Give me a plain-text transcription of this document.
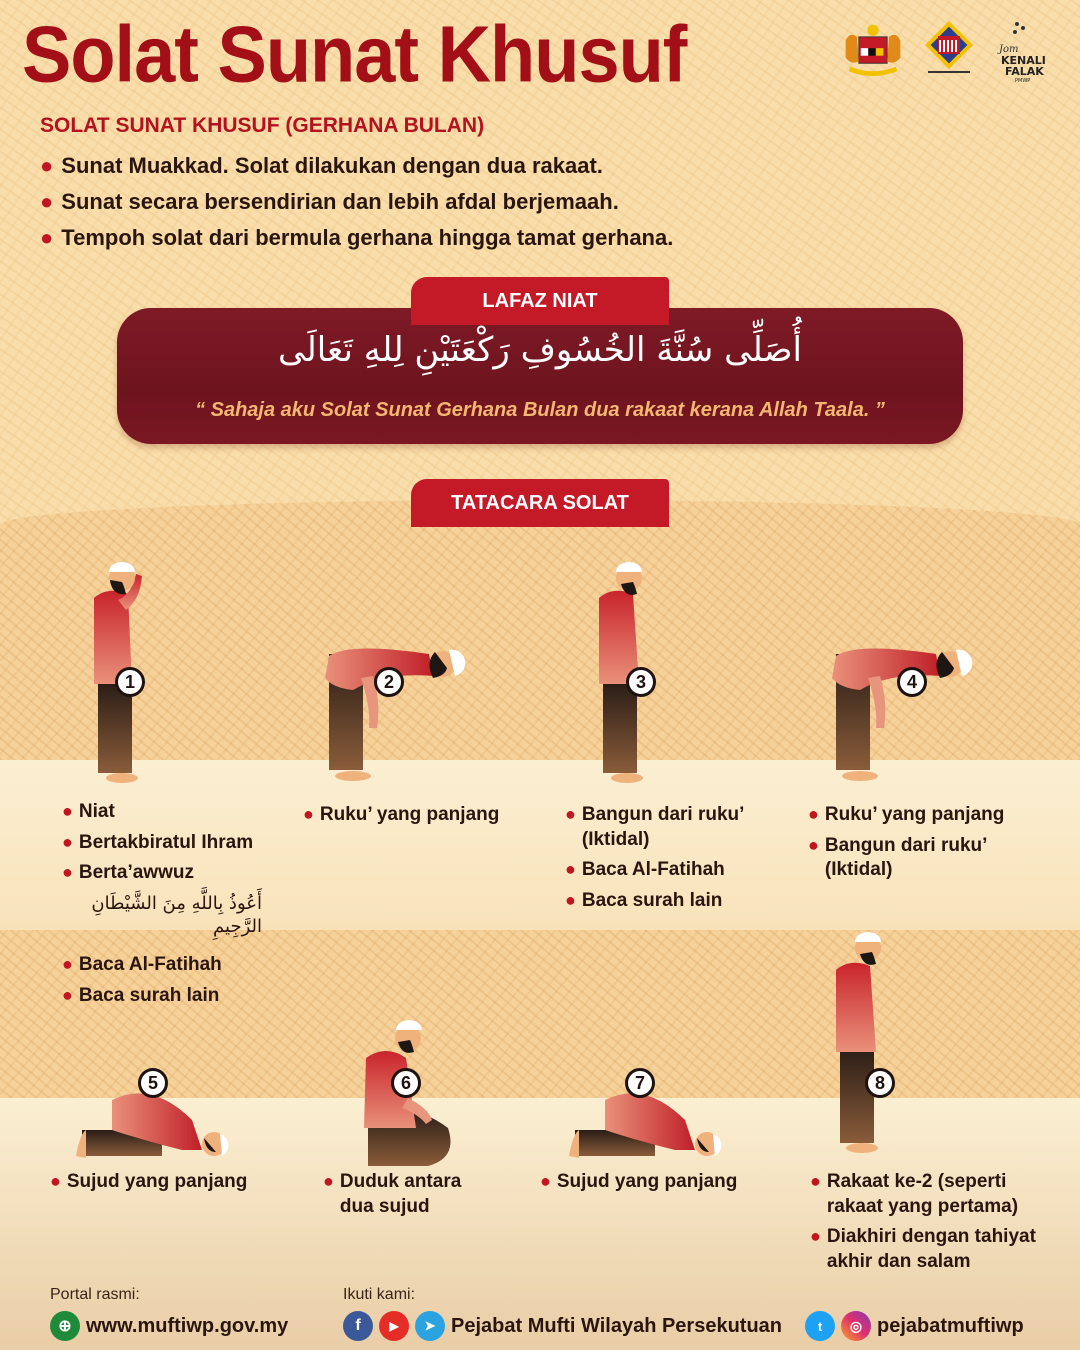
Solat Sunat Khusuf	Jom
KENALI
FALAK
PMWP
SOLAT SUNAT KHUSUF (GERHANA BULAN)
● Sunat Muakkad. Solat dilakukan dengan dua rakaat.
● Sunat secara bersendirian dan lebih afdal berjemaah.
● Tempoh solat dari bermula gerhana hingga tamat gerhana.
LAFAZ NIAT
أُصَلِّى سُنَّةَ الخُسُوفِ رَكْعَتَيْنِ لِلهِ تَعَالَى
“ Sahaja aku Solat Sunat Gerhana Bulan dua rakaat kerana Allah Taala. ”
TATACARA SOLAT
1	2	3	4
● Niat
● Bertakbiratul Ihram
● Berta’awwuz
أَعُوذُ بِاللَّهِ مِنَ الشَّيْطَانِ الرَّجِيمِ
● Baca Al-Fatihah
● Baca surah lain
● Ruku’ yang panjang	● Bangun dari ruku’ (Iktidal)
● Baca Al-Fatihah
● Baca surah lain
● Ruku’ yang panjang
● Bangun dari ruku’ (Iktidal)
5	6	7	8
● Sujud yang panjang	● Duduk antara dua sujud
● Sujud yang panjang	● Rakaat ke-2 (seperti rakaat yang pertama)
● Diakhiri dengan tahiyat akhir dan salam
Portal rasmi:
⊕ www.muftiwp.gov.my
Ikuti kami:
f	▶	➤ Pejabat Mufti Wilayah Persekutuan	t	◎ pejabatmuftiwp
